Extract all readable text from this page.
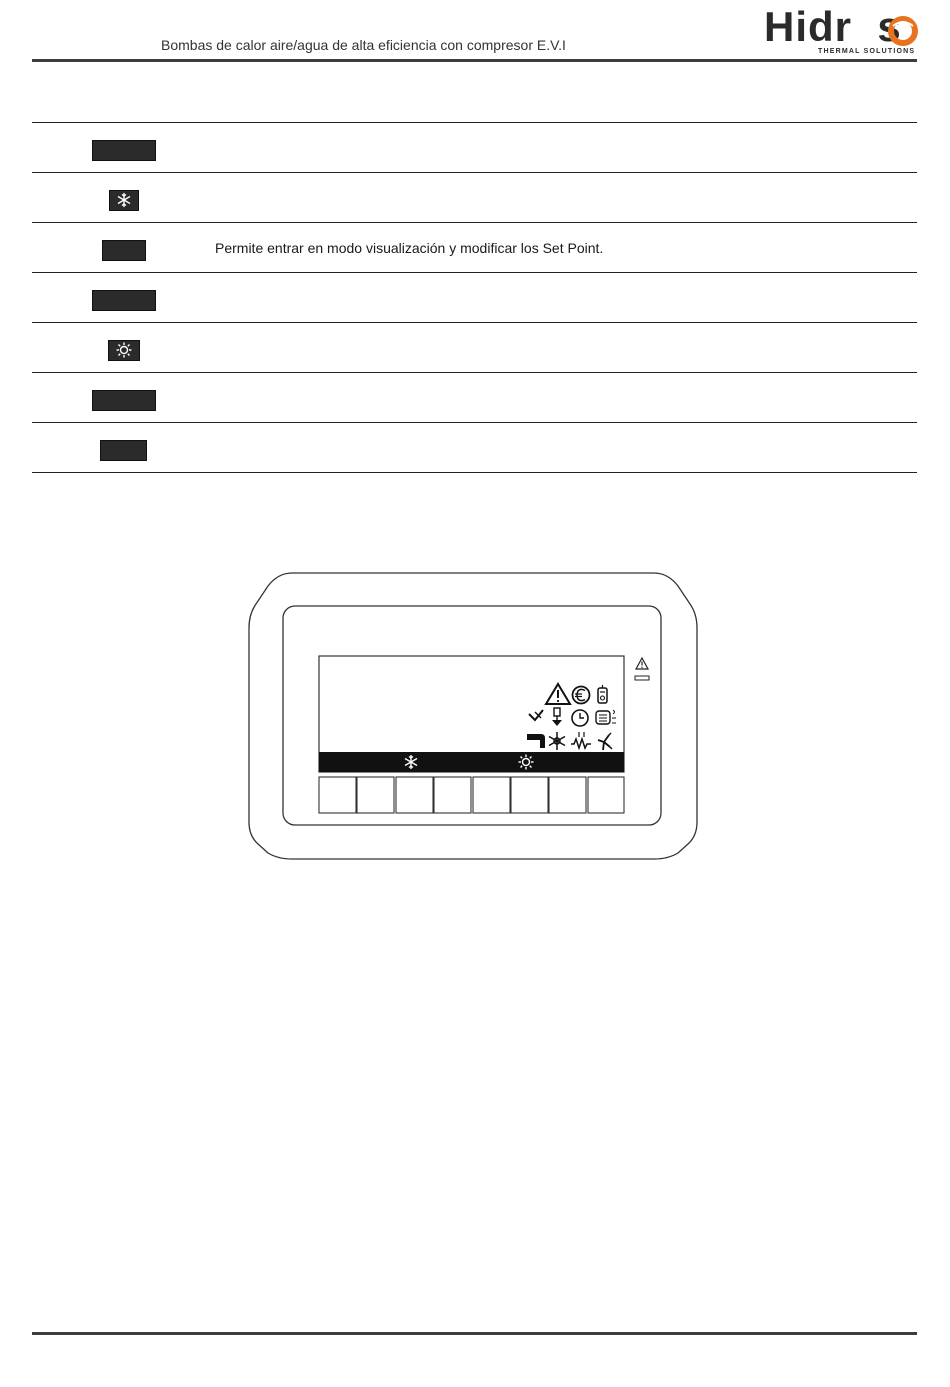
Bombas de calor aire/agua de alta eficiencia con compresor E.V.I	Hidr  s
THERMAL SOLUTIONS

	Permite entrar en modo visualización y modificar los Set Point.
